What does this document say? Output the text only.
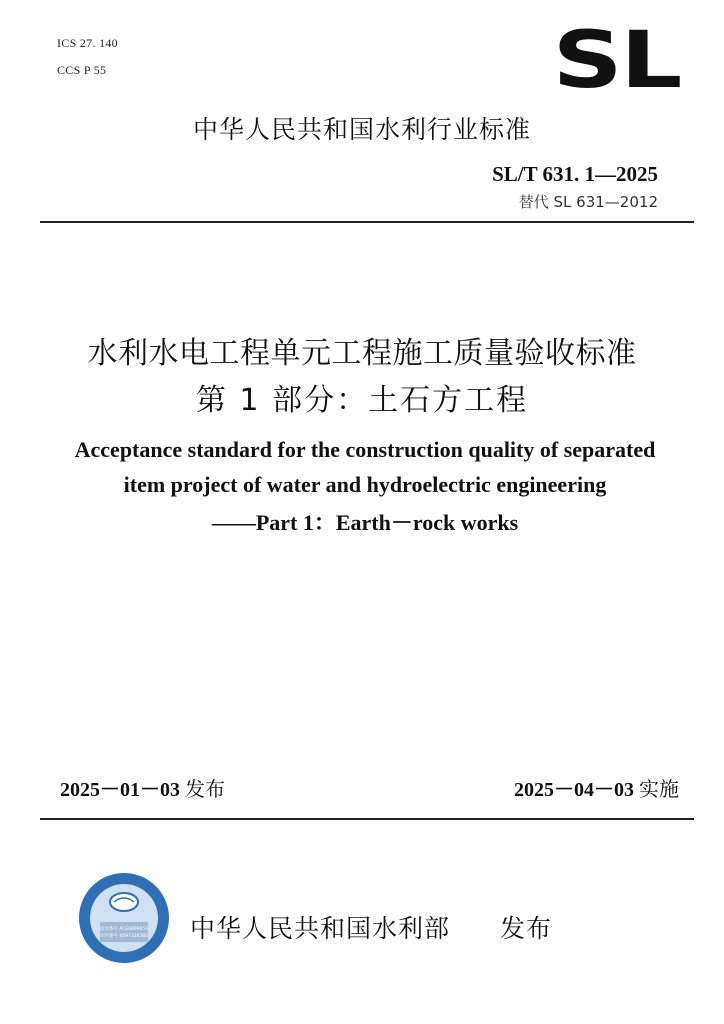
ICS 27. 140
CCS P 55	SL
中华人民共和国水利行业标准
SL/T 631. 1—2025
替代 SL 631—2012
水利水电工程单元工程施工质量验收标准
第 1 部分：土石方工程
Acceptance standard for the construction quality of separated
item project of water and hydroelectric engineering
——Part 1：Earth－rock works
2025－01－03 发布	2025－04－03 实施
团址番号 ACE6899656
开料番号 4097328386 中华人民共和国水利部 发布
